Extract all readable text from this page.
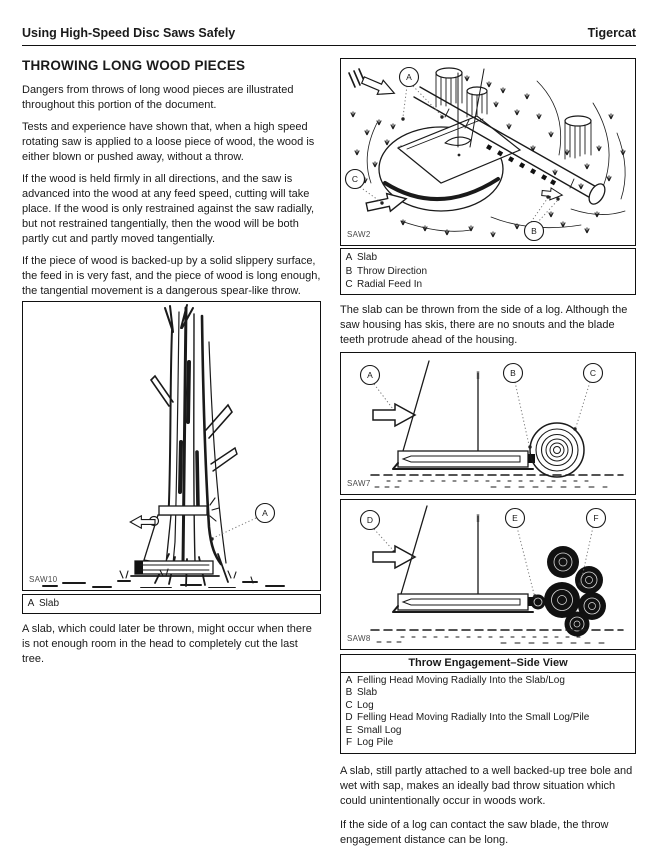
Using High-Speed Disc Saws Safely	Tigercat
THROWING LONG WOOD PIECES

Dangers from throws of long wood pieces are illustrated throughout this portion of the document.

Tests and experience have shown that, when a high speed rotating saw is applied to a loose piece of wood, the wood is either blown or pushed away, without a throw.

If the wood is held firmly in all directions, and the saw is advanced into the wood at any feed speed, cutting will take place. If the wood is only restrained against the saw radially, but not restrained tangentially, then the wood will be both partly cut and partly moved tangentially.

If the piece of wood is backed-up by a solid slippery surface, the feed in is very fast, and the piece of wood is long enough, the tangential movement is a dangerous spear-like throw.

A
SAW10
A Slab

A slab, which could later be thrown, might occur when there is not enough room in the head to completely cut the last tree.

A
B
C
SAW2
A Slab
B Throw Direction
C Radial Feed In

The slab can be thrown from the side of a log. Although the saw housing has skis, there are no snouts and the blade teeth protrude ahead of the housing.

A	B	C
SAW7
D	E	F
SAW8
Throw Engagement–Side View
A Felling Head Moving Radially Into the Slab/Log
B Slab
C Log
D Felling Head Moving Radially Into the Small Log/Pile
E Small Log
F Log Pile

A slab, still partly attached to a well backed-up tree bole and wet with sap, makes an ideally bad throw situation which could unintentionally occur in woods work.

If the side of a log can contact the saw blade, the throw engagement distance can be long.
